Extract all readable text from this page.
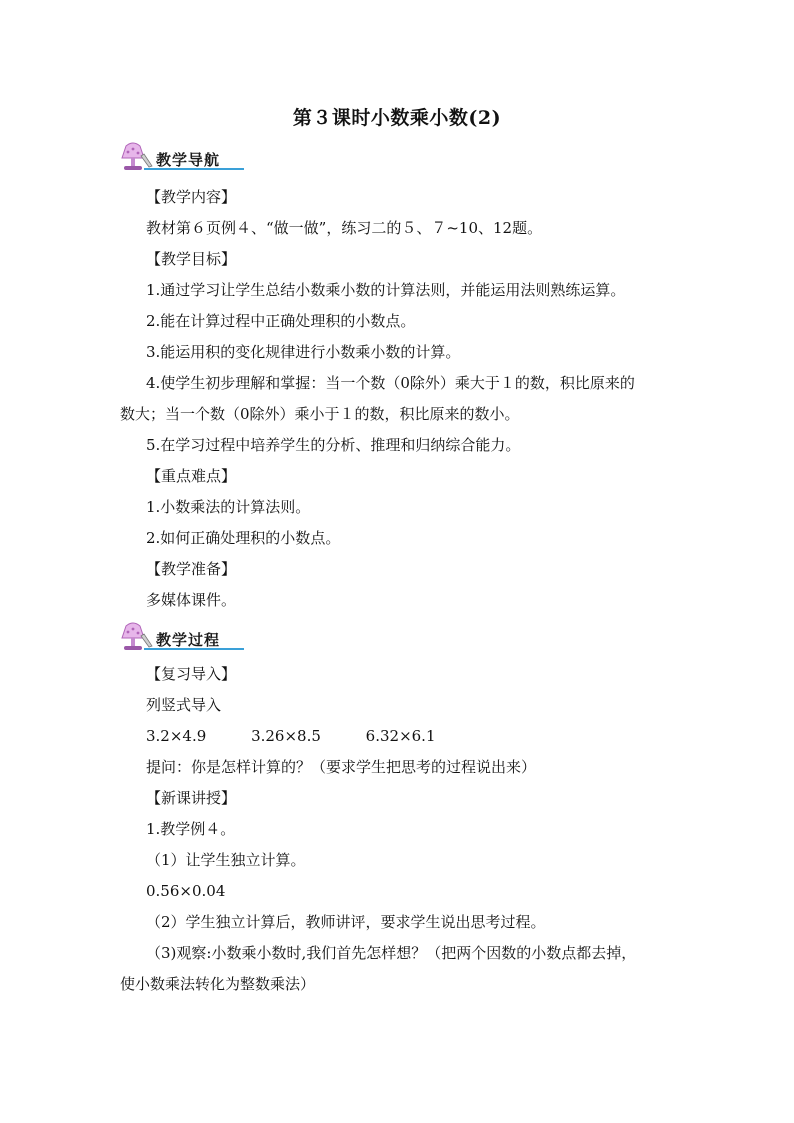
第３课时小数乘小数(2)
教学导航
【教学内容】
教材第６页例４、“做一做”，练习二的５、７~10、12题。
【教学目标】
1.通过学习让学生总结小数乘小数的计算法则，并能运用法则熟练运算。
2.能在计算过程中正确处理积的小数点。
3.能运用积的变化规律进行小数乘小数的计算。
4.使学生初步理解和掌握：当一个数（0除外）乘大于１的数，积比原来的
数大；当一个数（0除外）乘小于１的数，积比原来的数小。
5.在学习过程中培养学生的分析、推理和归纳综合能力。
【重点难点】
1.小数乘法的计算法则。
2.如何正确处理积的小数点。
【教学准备】
多媒体课件。
教学过程
【复习导入】
列竖式导入
3.2×4.9	3.26×8.5	6.32×6.1
提问：你是怎样计算的？（要求学生把思考的过程说出来）
【新课讲授】
1.教学例４。
（1）让学生独立计算。
0.56×0.04
（2）学生独立计算后，教师讲评，要求学生说出思考过程。
（3)观察:小数乘小数时,我们首先怎样想？（把两个因数的小数点都去掉，
使小数乘法转化为整数乘法）
